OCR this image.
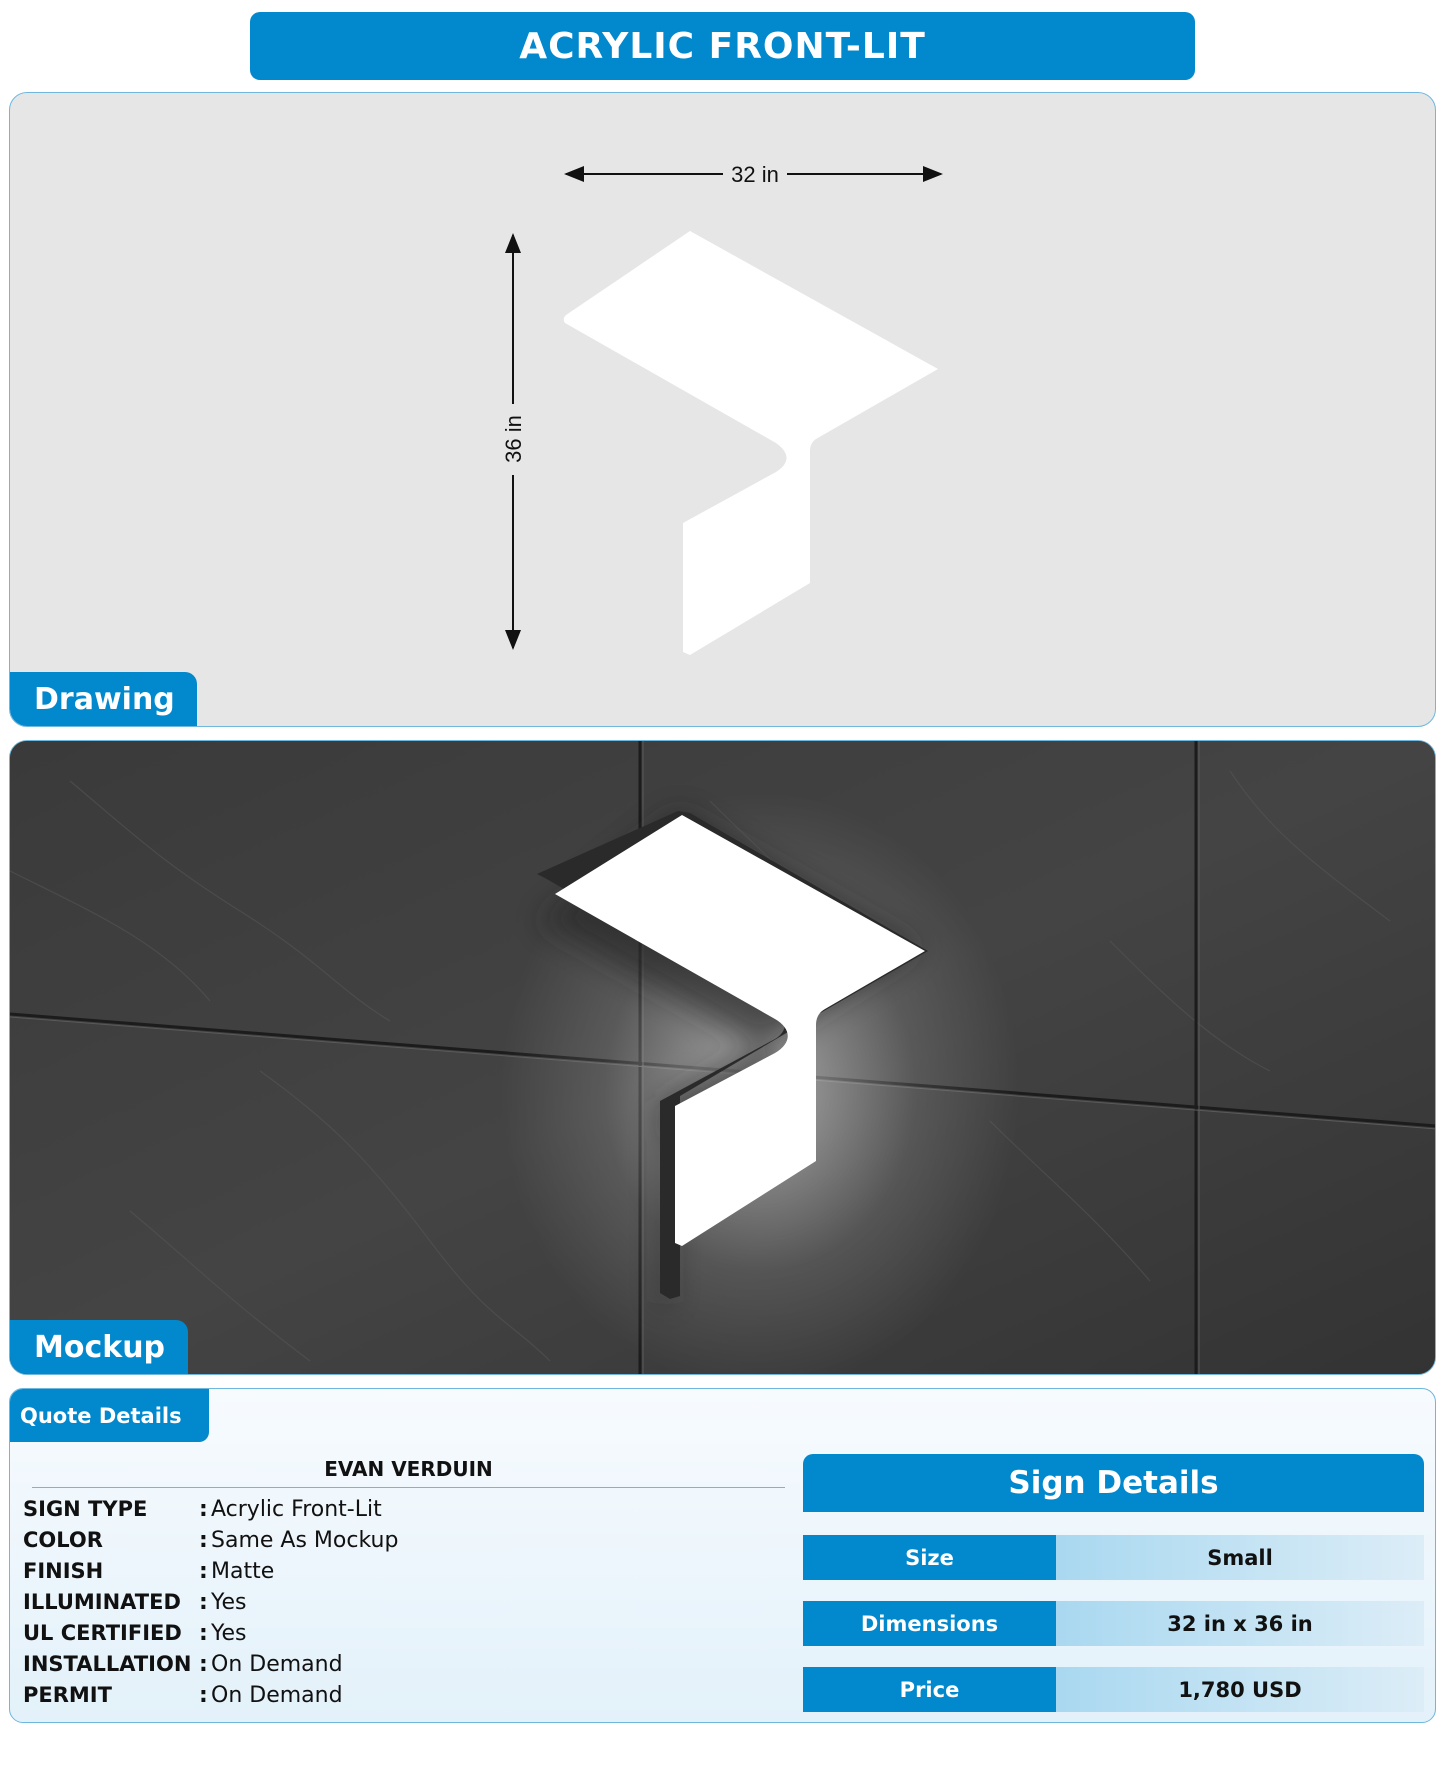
ACRYLIC FRONT-LIT
32 in
36 in
Drawing
Mockup
Quote Details
EVAN VERDUIN
SIGN TYPE	: Acrylic Front-Lit
COLOR	: Same As Mockup
FINISH	: Matte
ILLUMINATED : Yes
UL CERTIFIED : Yes
INSTALLATION : On Demand
PERMIT	: On Demand
Sign Details
Size	Small
Dimensions	32 in x 36 in
Price	1,780 USD
